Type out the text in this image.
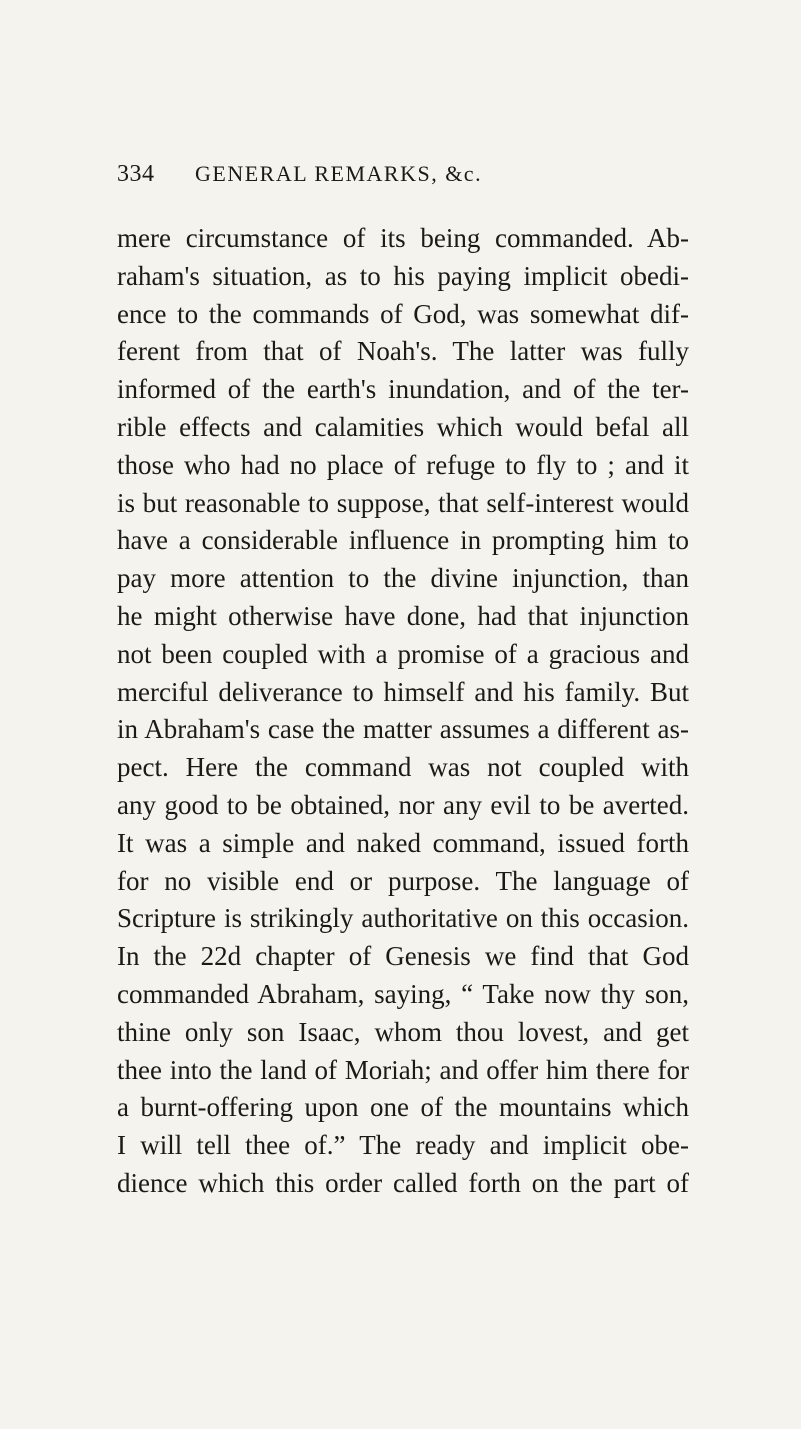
334 GENERAL REMARKS, &c.
mere circumstance of its being commanded. Ab-
raham's situation, as to his paying implicit obedi-
ence to the commands of God, was somewhat dif-
ferent from that of Noah's. The latter was fully
informed of the earth's inundation, and of the ter-
rible effects and calamities which would befal all
those who had no place of refuge to fly to ; and it
is but reasonable to suppose, that self-interest would
have a considerable influence in prompting him to
pay more attention to the divine injunction, than
he might otherwise have done, had that injunction
not been coupled with a promise of a gracious and
merciful deliverance to himself and his family. But
in Abraham's case the matter assumes a different as-
pect. Here the command was not coupled with
any good to be obtained, nor any evil to be averted.
It was a simple and naked command, issued forth
for no visible end or purpose. The language of
Scripture is strikingly authoritative on this occasion.
In the 22d chapter of Genesis we find that God
commanded Abraham, saying, “ Take now thy son,
thine only son Isaac, whom thou lovest, and get
thee into the land of Moriah; and offer him there for
a burnt-offering upon one of the mountains which
I will tell thee of.” The ready and implicit obe-
dience which this order called forth on the part of
